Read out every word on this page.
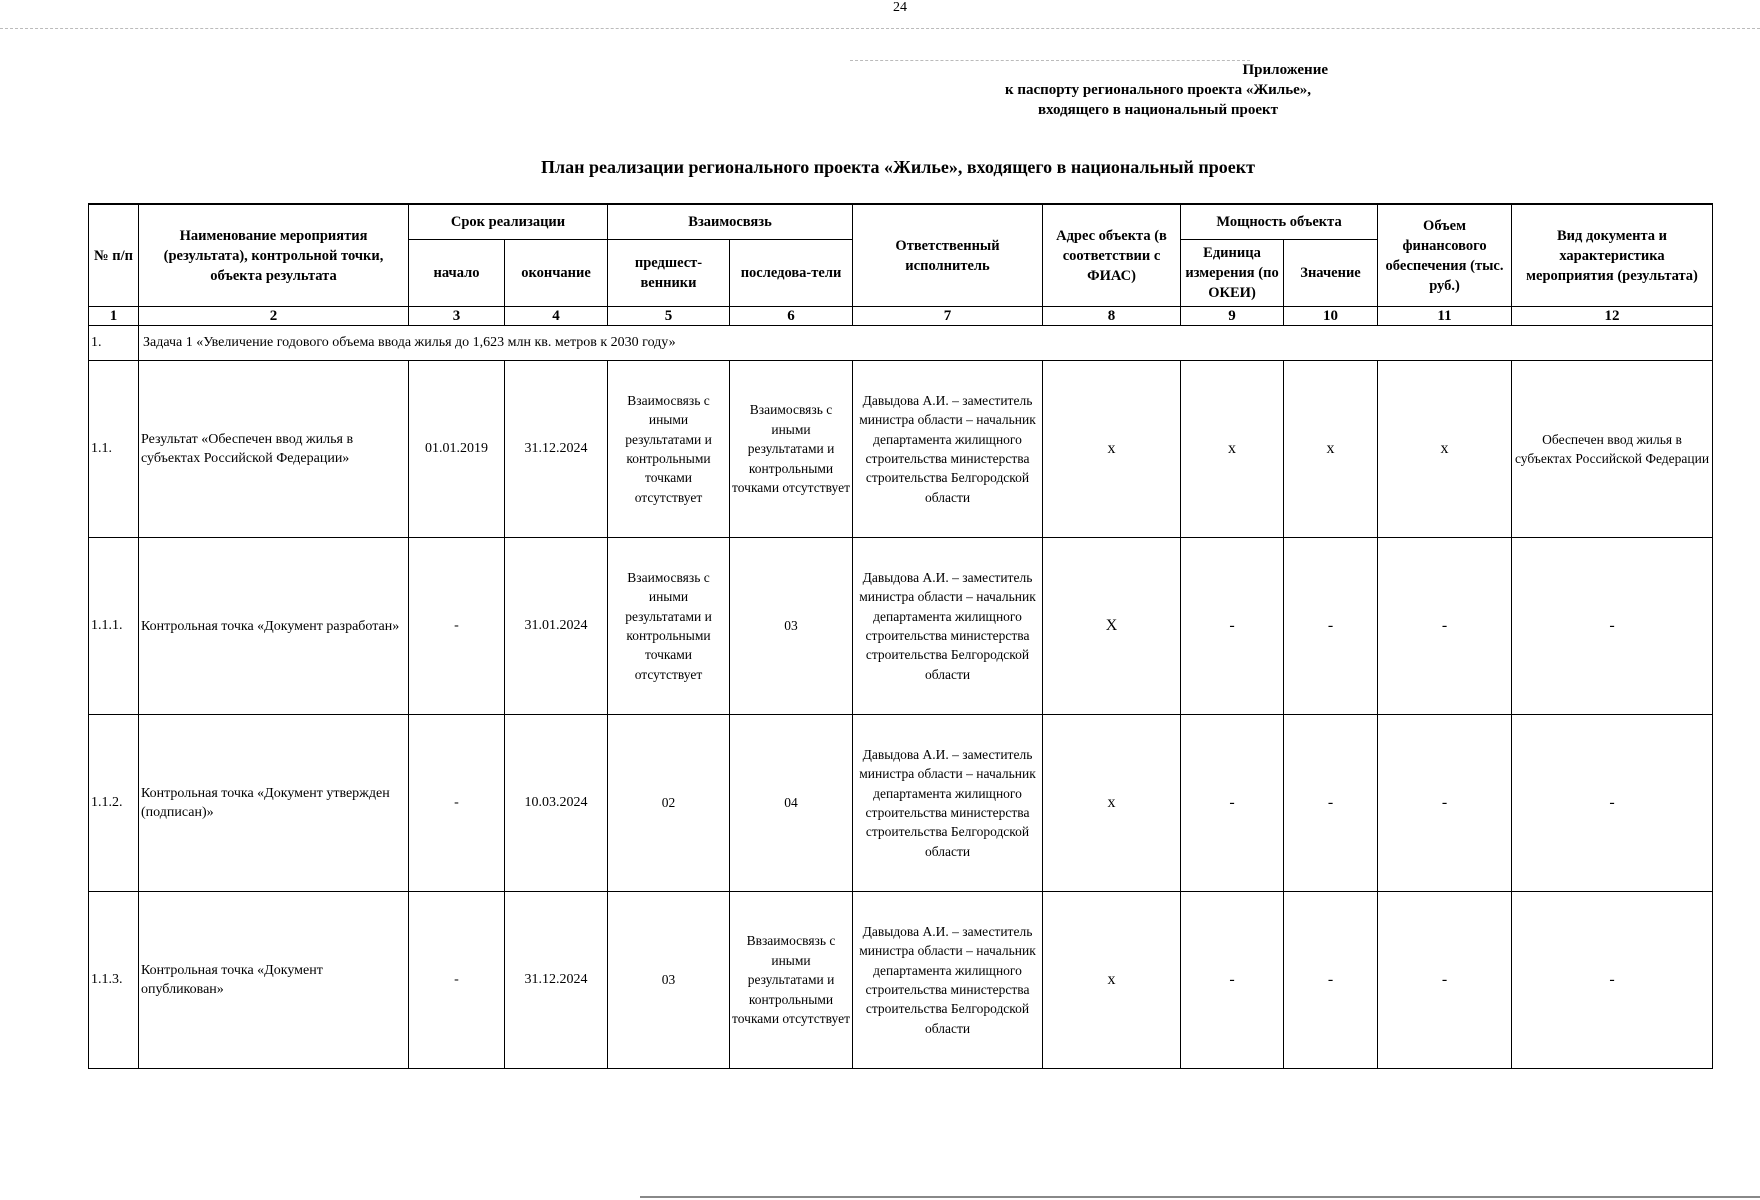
24
Приложение
к паспорту регионального проекта «Жилье»,
входящего в национальный проект
План реализации регионального проекта «Жилье», входящего в национальный проект
№ п/п	Наименование мероприятия (результата), контрольной точки, объекта результата	Срок реализации		Взаимосвязь		Ответственный исполнитель	Адрес объекта (в соответствии с ФИАС)	Мощность объекта		Объем финансового обеспечения (тыс. руб.)	Вид документа и характеристика мероприятия (результата)
		начало	окончание	предшест-венники	последова-тели			Единица измерения (по ОКЕИ)	Значение		
1	2	3	4	5	6	7	8	9	10	11	12
1.	Задача 1 «Увеличение годового объема ввода жилья до 1,623 млн кв. метров к 2030 году»										
1.1.	Результат «Обеспечен ввод жилья в субъектах Российской Федерации»	01.01.2019	31.12.2024	Взаимосвязь с иными результатами и контрольными точками отсутствует	Взаимосвязь с иными результатами и контрольными точками отсутствует	Давыдова А.И. – заместитель министра области – начальник департамента жилищного строительства министерства строительства Белгородской области	x	x	x	x	Обеспечен ввод жилья в субъектах Российской Федерации
1.1.1.	Контрольная точка «Документ разработан»	-	31.01.2024	Взаимосвязь с иными результатами и контрольными точками отсутствует	03	Давыдова А.И. – заместитель министра области – начальник департамента жилищного строительства министерства строительства Белгородской области	X	-	-	-	-
1.1.2.	Контрольная точка «Документ утвержден (подписан)»	-	10.03.2024	02	04	Давыдова А.И. – заместитель министра области – начальник департамента жилищного строительства министерства строительства Белгородской области	x	-	-	-	-
1.1.3.	Контрольная точка «Документ опубликован»	-	31.12.2024	03	Ввзаимосвязь с иными результатами и контрольными точками отсутствует	Давыдова А.И. – заместитель министра области – начальник департамента жилищного строительства министерства строительства Белгородской области	x	-	-	-	-
